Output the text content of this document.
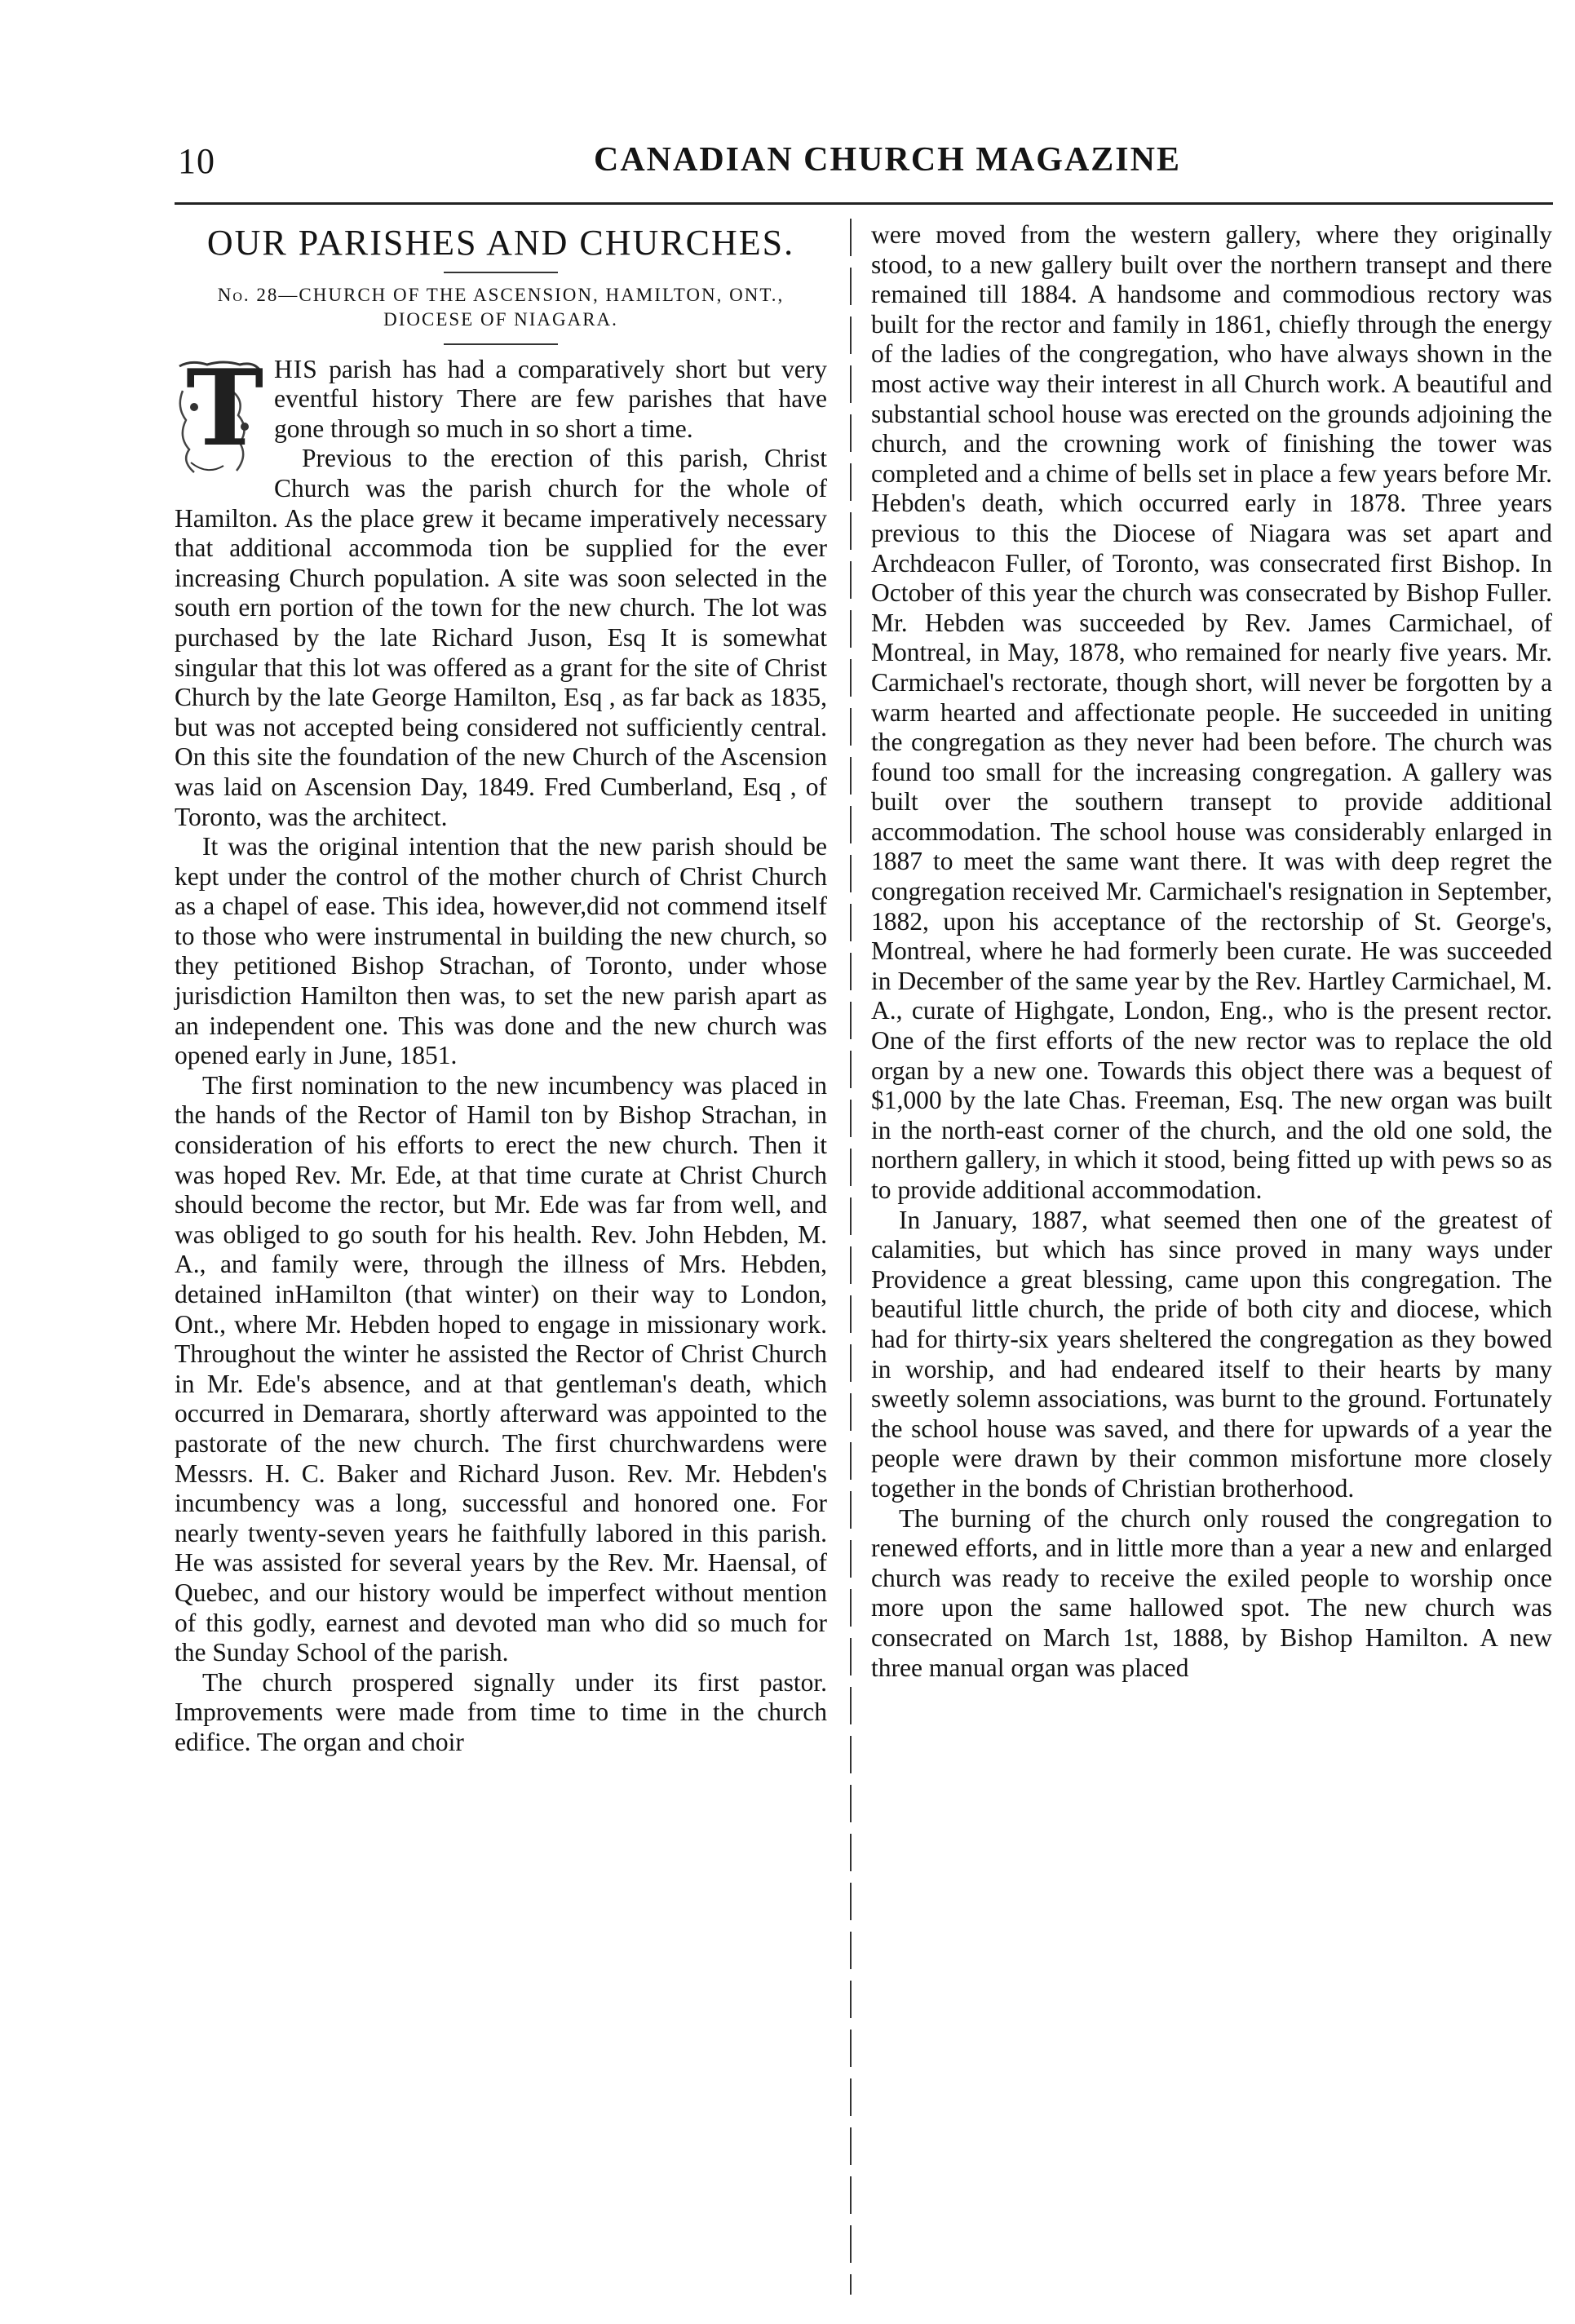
10	CANADIAN CHURCH MAGAZINE
OUR PARISHES AND CHURCHES.
No. 28—CHURCH OF THE ASCENSION, HAMILTON, ONT., DIOCESE OF NIAGARA.

T HIS parish has had a comparatively short but very eventful history There are few parishes that have gone through so much in so short a time.

Previous to the erection of this parish, Christ Church was the parish church for the whole of Hamilton. As the place grew it became imperatively necessary that additional accommoda tion be supplied for the ever increasing Church population. A site was soon selected in the south ern portion of the town for the new church. The lot was purchased by the late Richard Juson, Esq It is somewhat singular that this lot was offered as a grant for the site of Christ Church by the late George Hamilton, Esq , as far back as 1835, but was not accepted being considered not sufficiently central. On this site the foundation of the new Church of the Ascension was laid on Ascension Day, 1849. Fred Cumberland, Esq , of Toronto, was the architect.

It was the original intention that the new parish should be kept under the control of the mother church of Christ Church as a chapel of ease. This idea, however,did not commend itself to those who were instrumental in building the new church, so they petitioned Bishop Strachan, of Toronto, under whose jurisdiction Hamilton then was, to set the new parish apart as an independent one. This was done and the new church was opened early in June, 1851.

The first nomination to the new incumbency was placed in the hands of the Rector of Hamil ton by Bishop Strachan, in consideration of his efforts to erect the new church. Then it was hoped Rev. Mr. Ede, at that time curate at Christ Church should become the rector, but Mr. Ede was far from well, and was obliged to go south for his health. Rev. John Hebden, M. A., and family were, through the illness of Mrs. Hebden, detained inHamilton (that winter) on their way to London, Ont., where Mr. Hebden hoped to engage in missionary work. Throughout the winter he assisted the Rector of Christ Church in Mr. Ede's absence, and at that gentleman's death, which occurred in Demarara, shortly afterward was appointed to the pastorate of the new church. The first churchwardens were Messrs. H. C. Baker and Richard Juson. Rev. Mr. Hebden's incumbency was a long, successful and honored one. For nearly twenty-seven years he faithfully labored in this parish. He was assisted for several years by the Rev. Mr. Haensal, of Quebec, and our history would be imperfect without mention of this godly, earnest and devoted man who did so much for the Sunday School of the parish.

The church prospered signally under its first pastor. Improvements were made from time to time in the church edifice. The organ and choir

were moved from the western gallery, where they originally stood, to a new gallery built over the northern transept and there remained till 1884. A handsome and commodious rectory was built for the rector and family in 1861, chiefly through the energy of the ladies of the congregation, who have always shown in the most active way their interest in all Church work. A beautiful and substantial school house was erected on the grounds adjoining the church, and the crowning work of finishing the tower was completed and a chime of bells set in place a few years before Mr. Hebden's death, which occurred early in 1878. Three years previous to this the Diocese of Niagara was set apart and Archdeacon Fuller, of Toronto, was consecrated first Bishop. In October of this year the church was consecrated by Bishop Fuller. Mr. Hebden was succeeded by Rev. James Carmichael, of Montreal, in May, 1878, who remained for nearly five years. Mr. Carmichael's rectorate, though short, will never be forgotten by a warm hearted and affectionate people. He succeeded in uniting the congregation as they never had been before. The church was found too small for the increasing congregation. A gallery was built over the southern transept to provide additional accommodation. The school house was considerably enlarged in 1887 to meet the same want there. It was with deep regret the congregation received Mr. Carmichael's resignation in September, 1882, upon his acceptance of the rectorship of St. George's, Montreal, where he had formerly been curate. He was succeeded in December of the same year by the Rev. Hartley Carmichael, M. A., curate of Highgate, London, Eng., who is the present rector. One of the first efforts of the new rector was to replace the old organ by a new one. Towards this object there was a bequest of $1,000 by the late Chas. Freeman, Esq. The new organ was built in the north-east corner of the church, and the old one sold, the northern gallery, in which it stood, being fitted up with pews so as to provide additional accommodation.

In January, 1887, what seemed then one of the greatest of calamities, but which has since proved in many ways under Providence a great blessing, came upon this congregation. The beautiful little church, the pride of both city and diocese, which had for thirty-six years sheltered the congregation as they bowed in worship, and had endeared itself to their hearts by many sweetly solemn associations, was burnt to the ground. Fortunately the school house was saved, and there for upwards of a year the people were drawn by their common misfortune more closely together in the bonds of Christian brotherhood.

The burning of the church only roused the congregation to renewed efforts, and in little more than a year a new and enlarged church was ready to receive the exiled people to worship once more upon the same hallowed spot. The new church was consecrated on March 1st, 1888, by Bishop Hamilton. A new three manual organ was placed
